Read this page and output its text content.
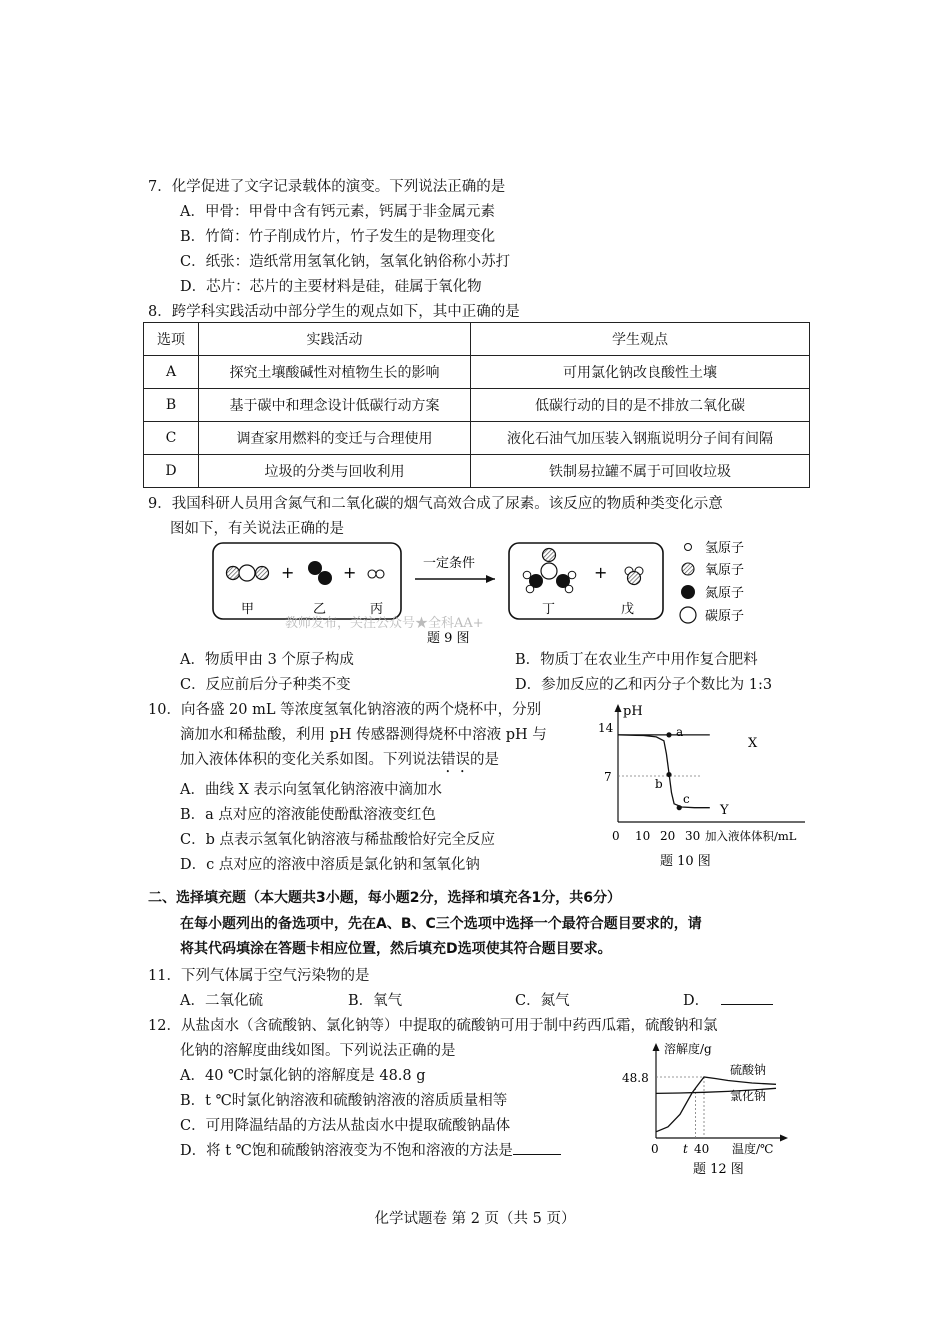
7．化学促进了文字记录载体的演变。下列说法正确的是
A．甲骨：甲骨中含有钙元素，钙属于非金属元素
B．竹简：竹子削成竹片，竹子发生的是物理变化
C．纸张：造纸常用氢氧化钠，氢氧化钠俗称小苏打
D．芯片：芯片的主要材料是硅，硅属于氧化物
8．跨学科实践活动中部分学生的观点如下，其中正确的是
选项	实践活动	学生观点
A	探究土壤酸碱性对植物生长的影响	可用氯化钠改良酸性土壤
B	基于碳中和理念设计低碳行动方案	低碳行动的目的是不排放二氧化碳
C	调查家用燃料的变迁与合理使用	液化石油气加压装入钢瓶说明分子间有间隔
D	垃圾的分类与回收利用	铁制易拉罐不属于可回收垃圾
9．我国科研人员用含氮气和二氧化碳的烟气高效合成了尿素。该反应的物质种类变化示意
图如下，有关说法正确的是
+	+
甲	乙	丙
一定条件	+
丁	戊
氢原子
氧原子
氮原子
碳原子
教师发布，关注公众号★全科AA+
题 9 图
A．物质甲由 3 个原子构成	B．物质丁在农业生产中用作复合肥料
C．反应前后分子种类不变	D．参加反应的乙和丙分子个数比为 1:3
10．向各盛 20 mL 等浓度氢氧化钠溶液的两个烧杯中，分别
滴加水和稀盐酸，利用 pH 传感器测得烧杯中溶液 pH 与
加入液体体积的变化关系如图。下列说法错误的是
A．曲线 X 表示向氢氧化钠溶液中滴加水
B．a 点对应的溶液能使酚酞溶液变红色
C．b 点表示氢氧化钠溶液与稀盐酸恰好完全反应
D．c 点对应的溶液中溶质是氯化钠和氢氧化钠
pH
14
7
0 10 20 30 加入液体体积/mL
a
b
c
X
Y
题 10 图
二、选择填充题（本大题共3小题，每小题2分，选择和填充各1分，共6分）
在每小题列出的备选项中，先在A、B、C三个选项中选择一个最符合题目要求的，请
将其代码填涂在答题卡相应位置，然后填充D选项使其符合题目要求。
11．下列气体属于空气污染物的是
A．二氧化硫	B．氧气	C．氮气	D．
12．从盐卤水（含硫酸钠、氯化钠等）中提取的硫酸钠可用于制中药西瓜霜，硫酸钠和氯
化钠的溶解度曲线如图。下列说法正确的是
A．40 ℃时氯化钠的溶解度是 48.8 g
B．t ℃时氯化钠溶液和硫酸钠溶液的溶质质量相等
C．可用降温结晶的方法从盐卤水中提取硫酸钠晶体
D．将 t ℃饱和硫酸钠溶液变为不饱和溶液的方法是
溶解度/g
48.8
硫酸钠
氯化钠
0 t 40 温度/℃
题 12 图
化学试题卷 第 2 页（共 5 页）
